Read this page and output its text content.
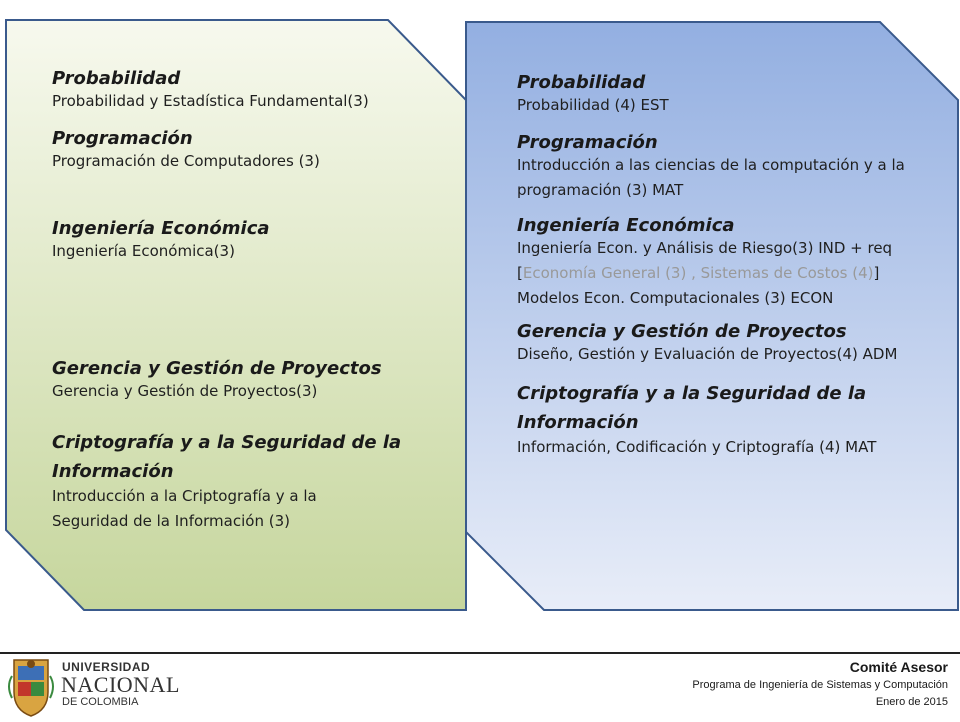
Probabilidad
Probabilidad y Estadística Fundamental(3)
Programación
Programación de Computadores (3)
Ingeniería Económica
Ingeniería Económica(3)
Gerencia y Gestión de Proyectos
Gerencia y Gestión de Proyectos(3)
Criptografía y a la Seguridad de la Información
Introducción a la Criptografía y a la Seguridad de la Información (3)
Probabilidad
Probabilidad (4) EST
Programación
Introducción a las ciencias de la computación y a la programación (3) MAT
Ingeniería Económica
Ingeniería Econ. y Análisis de Riesgo(3) IND + req [Economía General (3) , Sistemas de Costos (4)]
Modelos Econ. Computacionales (3) ECON
Gerencia y Gestión de Proyectos
Diseño, Gestión y Evaluación de Proyectos(4) ADM
Criptografía y a la Seguridad de la Información
Información, Codificación y Criptografía (4) MAT
UNIVERSIDAD
NACIONAL
DE COLOMBIA
Comité Asesor
Programa de Ingeniería de Sistemas y Computación
Enero de 2015
